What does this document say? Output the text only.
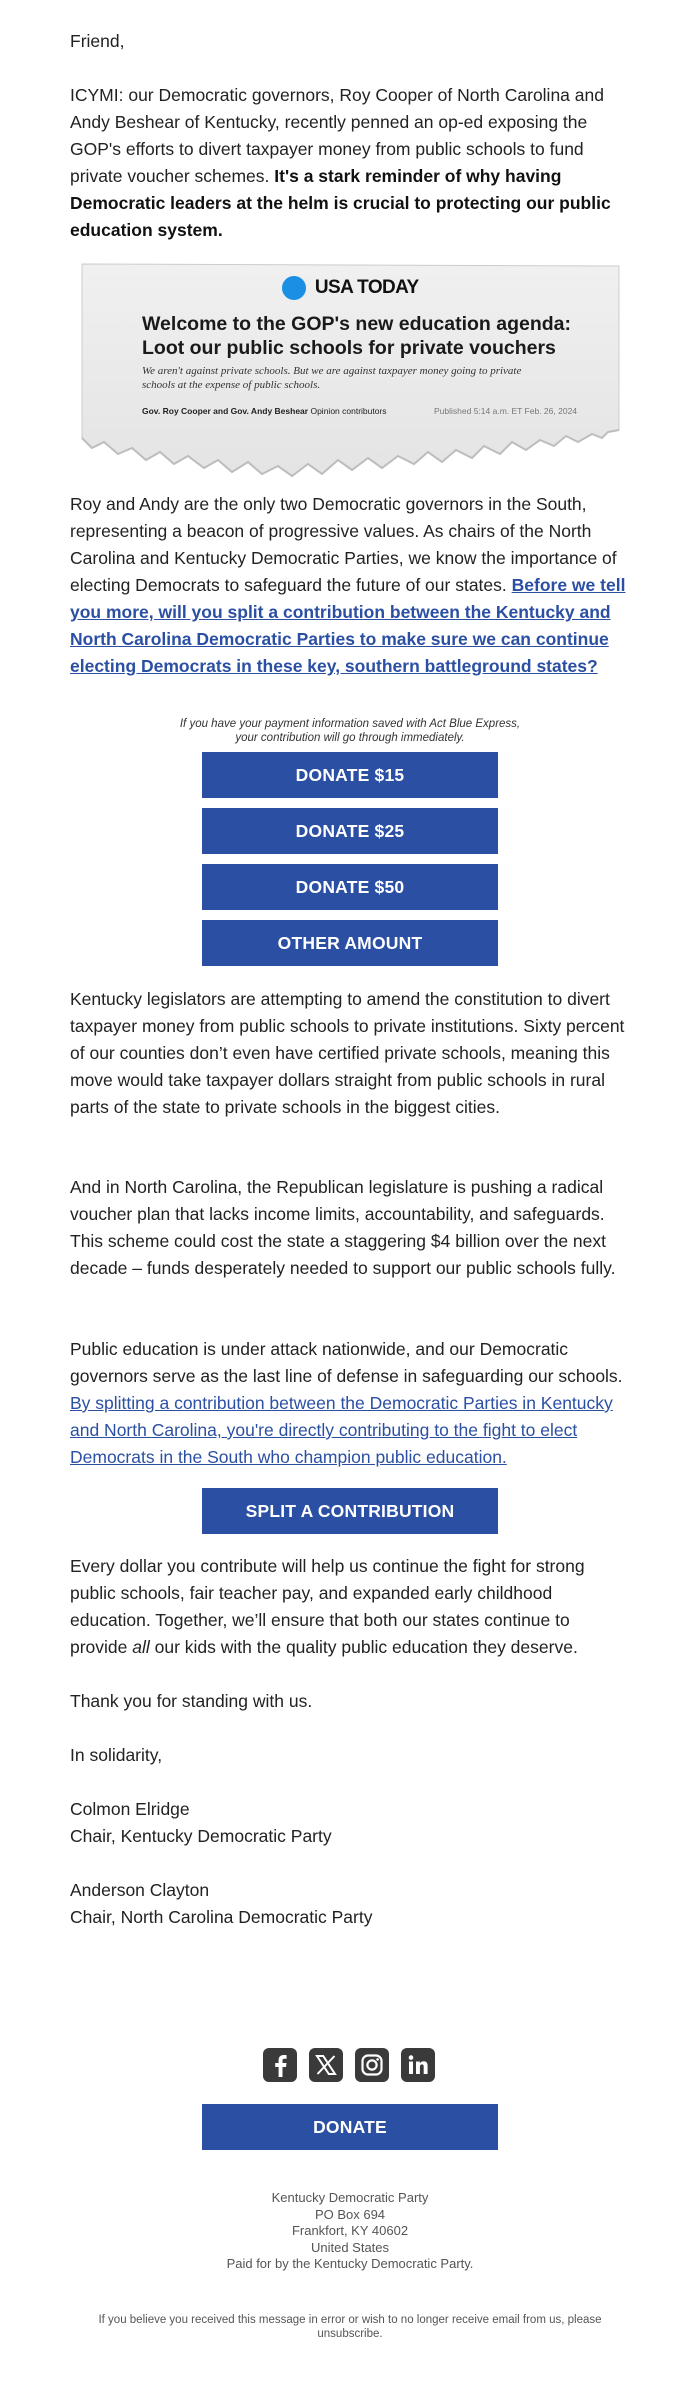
Friend,

ICYMI: our Democratic governors, Roy Cooper of North Carolina and Andy Beshear of Kentucky, recently penned an op-ed exposing the GOP's efforts to divert taxpayer money from public schools to fund private voucher schemes. It's a stark reminder of why having Democratic leaders at the helm is crucial to protecting our public education system.

USA TODAY
Welcome to the GOP's new education agenda: Loot our public schools for private vouchers
We aren't against private schools. But we are against taxpayer money going to private schools at the expense of public schools.
Gov. Roy Cooper and Gov. Andy Beshear Opinion contributors	Published 5:14 a.m. ET Feb. 26, 2024

Roy and Andy are the only two Democratic governors in the South, representing a beacon of progressive values. As chairs of the North Carolina and Kentucky Democratic Parties, we know the importance of electing Democrats to safeguard the future of our states. Before we tell you more, will you split a contribution between the Kentucky and North Carolina Democratic Parties to make sure we can continue electing Democrats in these key, southern battleground states?

If you have your payment information saved with Act Blue Express,
your contribution will go through immediately.
DONATE $15
DONATE $25
DONATE $50
OTHER AMOUNT

Kentucky legislators are attempting to amend the constitution to divert taxpayer money from public schools to private institutions. Sixty percent of our counties don’t even have certified private schools, meaning this move would take taxpayer dollars straight from public schools in rural parts of the state to private schools in the biggest cities.

And in North Carolina, the Republican legislature is pushing a radical voucher plan that lacks income limits, accountability, and safeguards. This scheme could cost the state a staggering $4 billion over the next decade – funds desperately needed to support our public schools fully.

Public education is under attack nationwide, and our Democratic governors serve as the last line of defense in safeguarding our schools. By splitting a contribution between the Democratic Parties in Kentucky and North Carolina, you're directly contributing to the fight to elect Democrats in the South who champion public education.

SPLIT A CONTRIBUTION

Every dollar you contribute will help us continue the fight for strong public schools, fair teacher pay, and expanded early childhood education. Together, we’ll ensure that both our states continue to provide all our kids with the quality public education they deserve.

Thank you for standing with us.

In solidarity,

Colmon Elridge

Chair, Kentucky Democratic Party

Anderson Clayton

Chair, North Carolina Democratic Party

DONATE
Kentucky Democratic Party
PO Box 694
Frankfort, KY 40602
United States
Paid for by the Kentucky Democratic Party.
If you believe you received this message in error or wish to no longer receive email from us, please unsubscribe.
